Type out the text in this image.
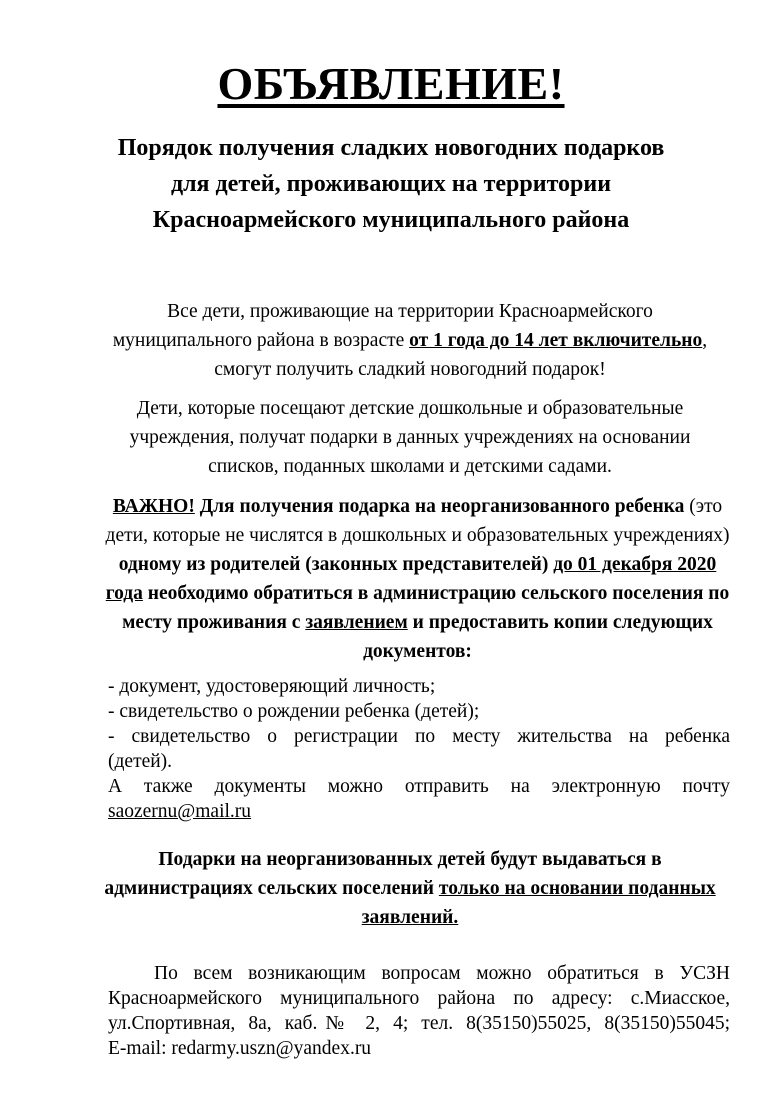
ОБЪЯВЛЕНИЕ!
Порядок получения сладких новогодних подарков
для детей, проживающих на территории
Красноармейского муниципального района

Все дети, проживающие на территории Красноармейского муниципального района в возрасте от 1 года до 14 лет включительно, смогут получить сладкий новогодний подарок!

Дети, которые посещают детские дошкольные и образовательные учреждения, получат подарки в данных учреждениях на основании списков, поданных школами и детскими садами.

ВАЖНО! Для получения подарка на неорганизованного ребенка (это дети, которые не числятся в дошкольных и образовательных учреждениях) одному из родителей (законных представителей) до 01 декабря 2020 года необходимо обратиться в администрацию сельского поселения по месту проживания с заявлением и предоставить копии следующих документов:

- документ, удостоверяющий личность;
- свидетельство о рождении ребенка (детей);
- свидетельство о регистрации по месту жительства на ребенка
(детей).
А также документы можно отправить на электронную почту
saozernu@mail.ru

Подарки на неорганизованных детей будут выдаваться в администрациях сельских поселений только на основании поданных заявлений.

По всем возникающим вопросам можно обратиться в УСЗН
Красноармейского муниципального района по адресу: с.Миасское,
ул.Спортивная, 8а, каб.№ 2, 4; тел. 8(35150)55025, 8(35150)55045;
E-mail: redarmy.uszn@yandex.ru
